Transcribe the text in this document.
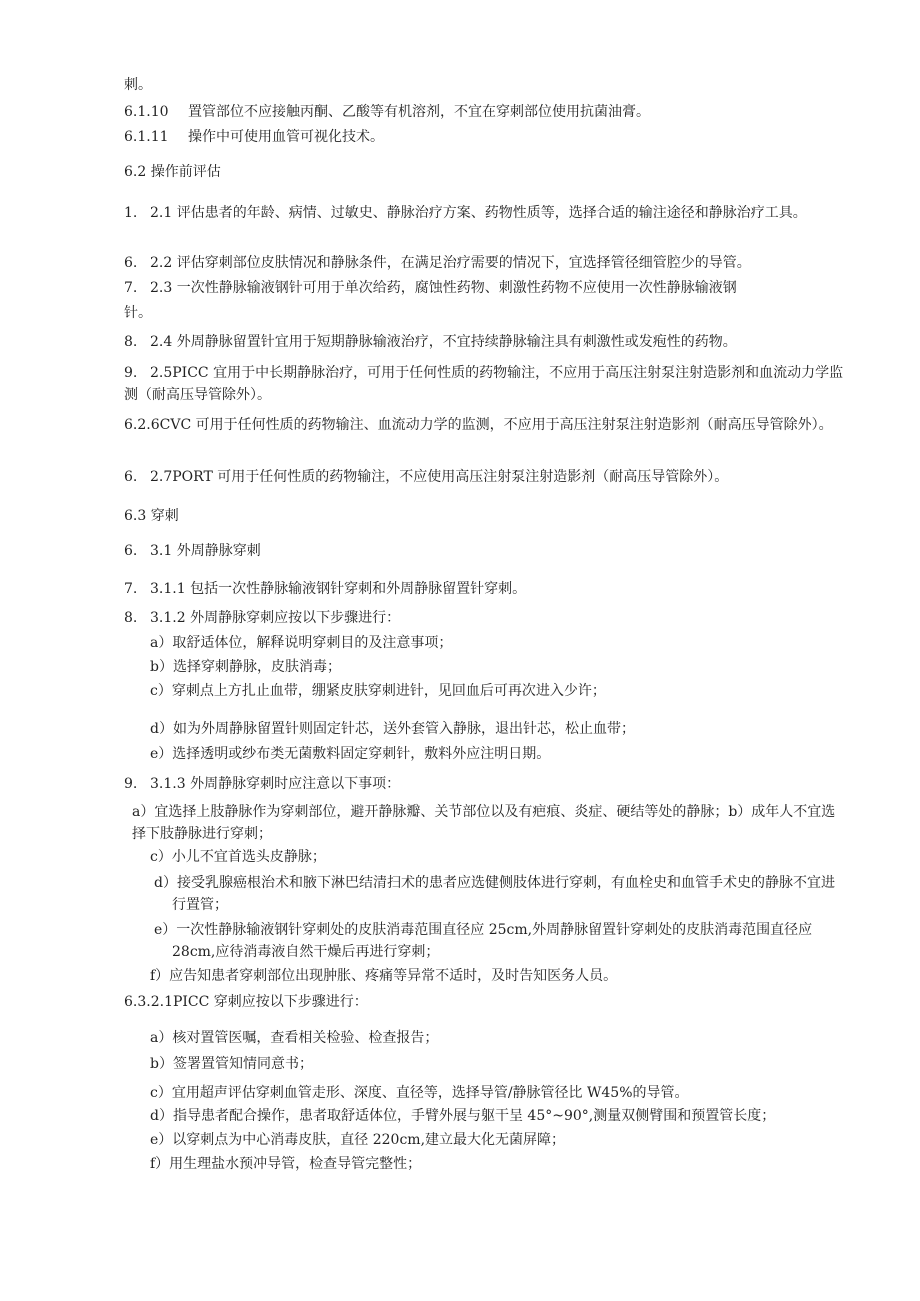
刺。
6.1.10 置管部位不应接触丙酮、乙酸等有机溶剂，不宜在穿刺部位使用抗菌油膏。
6.1.11 操作中可使用血管可视化技术。
6.2 操作前评估
1. 2.1 评估患者的年龄、病情、过敏史、静脉治疗方案、药物性质等，选择合适的输注途径和静脉治疗工具。
6. 2.2 评估穿刺部位皮肤情况和静脉条件，在满足治疗需要的情况下，宜选择管径细管腔少的导管。
7. 2.3 一次性静脉输液钢针可用于单次给药，腐蚀性药物、刺激性药物不应使用一次性静脉输液钢
针。
8. 2.4 外周静脉留置针宜用于短期静脉输液治疗，不宜持续静脉输注具有刺激性或发疱性的药物。
9. 2.5PICC 宜用于中长期静脉治疗，可用于任何性质的药物输注，不应用于高压注射泵注射造影剂和血流动力学监测（耐高压导管除外）。
6.2.6CVC 可用于任何性质的药物输注、血流动力学的监测，不应用于高压注射泵注射造影剂（耐高压导管除外）。
6. 2.7PORT 可用于任何性质的药物输注，不应使用高压注射泵注射造影剂（耐高压导管除外）。
6.3 穿刺
6. 3.1 外周静脉穿刺
7. 3.1.1 包括一次性静脉输液钢针穿刺和外周静脉留置针穿刺。
8. 3.1.2 外周静脉穿刺应按以下步骤进行：
a）取舒适体位，解释说明穿刺目的及注意事项；
b）选择穿刺静脉，皮肤消毒；
c）穿刺点上方扎止血带，绷紧皮肤穿刺进针，见回血后可再次进入少许；
d）如为外周静脉留置针则固定针芯，送外套管入静脉，退出针芯，松止血带；
e）选择透明或纱布类无菌敷料固定穿刺针，敷料外应注明日期。
9. 3.1.3 外周静脉穿刺时应注意以下事项：
a）宜选择上肢静脉作为穿刺部位，避开静脉瓣、关节部位以及有疤痕、炎症、硬结等处的静脉；b）成年人不宜选择下肢静脉进行穿刺；
c）小儿不宜首选头皮静脉；
d）接受乳腺癌根治术和腋下淋巴结清扫术的患者应选健侧肢体进行穿刺，有血栓史和血管手术史的静脉不宜进行置管；
e）一次性静脉输液钢针穿刺处的皮肤消毒范围直径应 25cm,外周静脉留置针穿刺处的皮肤消毒范围直径应 28cm,应待消毒液自然干燥后再进行穿刺；
f）应告知患者穿刺部位出现肿胀、疼痛等异常不适时，及时告知医务人员。
6.3.2.1PICC 穿刺应按以下步骤进行：
a）核对置管医嘱，查看相关检验、检查报告；
b）签署置管知情同意书；
c）宜用超声评估穿刺血管走形、深度、直径等，选择导管/静脉管径比 W45%的导管。
d）指导患者配合操作，患者取舒适体位，手臂外展与躯干呈 45°~90°,测量双侧臂围和预置管长度；
e）以穿刺点为中心消毒皮肤，直径 220cm,建立最大化无菌屏障；
f）用生理盐水预冲导管，检查导管完整性；
